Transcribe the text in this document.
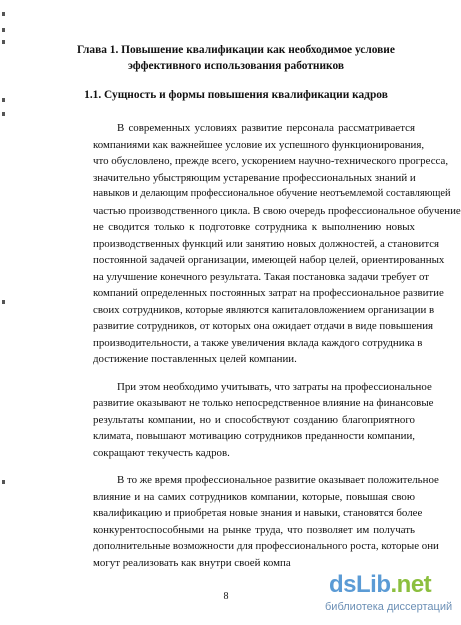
Глава 1. Повышение квалификации как необходимое условие
эффективного использования работников
1.1. Сущность и формы повышения квалификации кадров
В современных условиях развитие персонала рассматривается
компаниями как важнейшее условие их успешного функционирования,
что обусловлено, прежде всего, ускорением научно-технического прогресса,
значительно убыстряющим устаревание профессиональных знаний и
навыков и делающим профессиональное обучение неотъемлемой составляющей
частью производственного цикла. В свою очередь профессиональное обучение
не сводится только к подготовке сотрудника к выполнению новых
производственных функций или занятию новых должностей, а становится
постоянной задачей организации, имеющей набор целей, ориентированных
на улучшение конечного результата. Такая постановка задачи требует от
компаний определенных постоянных затрат на профессиональное развитие
своих сотрудников, которые являются капиталовложением организации в
развитие сотрудников, от которых она ожидает отдачи в виде повышения
производительности, а также увеличения вклада каждого сотрудника в
достижение поставленных целей компании.
При этом необходимо учитывать, что затраты на профессиональное
развитие оказывают не только непосредственное влияние на финансовые
результаты компании, но и способствуют созданию благоприятного
климата, повышают мотивацию сотрудников преданности компании,
сокращают текучесть кадров.
В то же время профессиональное развитие оказывает положительное
влияние и на самих сотрудников компании, которые, повышая свою
квалификацию и приобретая новые знания и навыки, становятся более
конкурентоспособными на рынке труда, что позволяет им получать
дополнительные возможности для профессионального роста, которые они
могут реализовать как внутри своей компа
8	dsLib.net
библиотека диссертаций
